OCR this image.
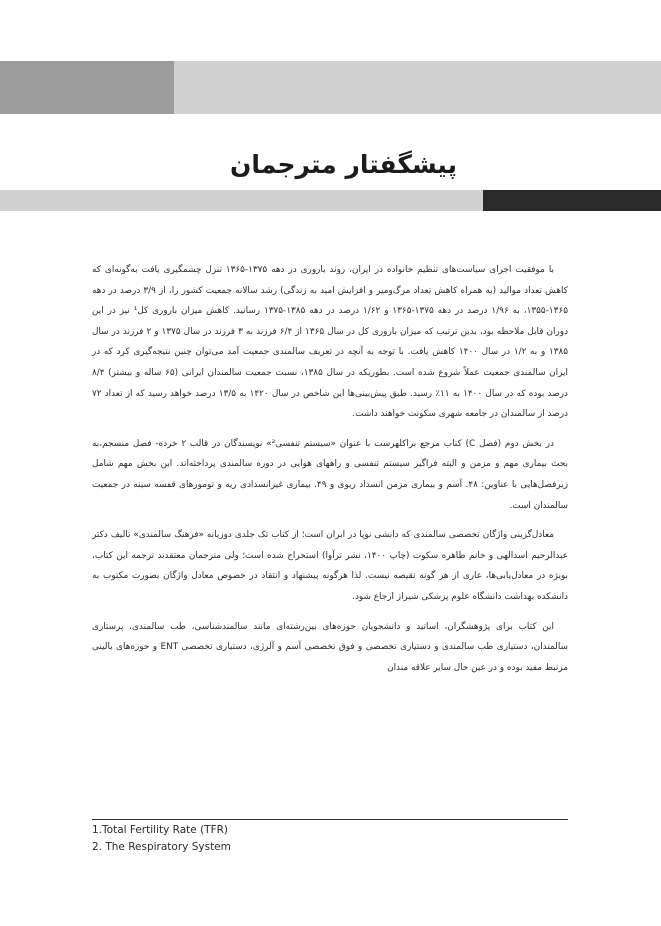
پیشگفتار مترجمان

با موفقیت اجرای سیاست‌های تنظیم خانواده در ایران، روند باروری در دهه ۱۳۷۵-۱۳۶۵ تنزل چشمگیری یافت به‌گونه‌ای که کاهش تعداد موالید (به همراه کاهش تعداد مرگ‌ومیر و افزایش امید به زندگی) رشد سالانه جمعیت کشور را، از ۳/۹ درصد در دهه ۱۳۶۵-۱۳۵۵، به ۱/۹۶ درصد در دهه ۱۳۷۵-۱۳۶۵ و ۱/۶۲ درصد در دهه ۱۳۸۵-۱۳۷۵ رسانید. کاهش میزان باروری کل¹ نیز در این دوران قابل ملاحظه بود، بدین ترتیب که میزان باروری کل در سال ۱۳۶۵ از ۶/۴ فرزند به ۳ فرزند در سال ۱۳۷۵ و ۲ فرزند در سال ۱۳۸۵ و به ۱/۲ در سال ۱۴۰۰ کاهش یافت. با توجه به آنچه در تعریف سالمندی جمعیت آمد می‌توان چنین نتیجه‌گیری کرد که در ایران سالمندی جمعیت عملاً شروع شده است. بطوریکه در سال ۱۳۸۵، نسبت جمعیت سالمندان ایرانی (۶۵ ساله و بیشتر) ۸/۴ درصد بوده که در سال ۱۴۰۰ به ۱۱٪ رسید. طبق پیش‌بینی‌ها این شاخص در سال ۱۴۲۰ به ۱۳/۵ درصد خواهد رسید که از تعداد ۷۲ درصد از سالمندان در جامعه شهری سکونت خواهند داشت.

در بخش دوم (فصل C) کتاب مرجع براکلهرست با عنوان «سیستم تنفسی²» نویسندگان در قالب ۲ خرده- فصل منسجم،به بحث بیماری مهم و مزمن و البته فراگیر سیستم تنفسی و راههای هوایی در دوره سالمندی پرداخته‌اند. این بخش مهم شامل زیرفصل‌هایی با عناوین: ۴۸. آسم و بیماری مزمن انسداد ریوی و ۴۹. بیماری غیرانسدادی ریه و تومورهای قفسه سینه در جمعیت سالمندان است.

معادل‌گزینی واژگان تخصصی سالمندی که دانشی نوپا در ایران است؛ از کتاب تک جلدی دوزبانه «فرهنگ سالمندی» تالیف دکتر عبدالرحیم اسدالهی و خانم طاهره سکوت (چاپ ۱۴۰۰، نشر ترآوا) استخراج شده است؛ ولی مترجمان معتقدند ترجمه این کتاب، بویژه در معادل‌یابی‌ها، عاری از هر گونه نقیصه نیست. لذا هرگونه پیشنهاد و انتقاد در خصوص معادل واژگان بصورت مکتوب به دانشکده بهداشت دانشگاه علوم پزشکی شیراز ارجاع شود.

این کتاب برای پژوهشگران، اساتید و دانشجویان حوزه‌های بین‌رشته‌ای مانند سالمندشناسی، طب سالمندی، پرستاری سالمندان، دستیاری طب سالمندی و دستیاری تخصصی و فوق تخصصی آسم و آلرژی، دستیاری تخصصی ENT و حوزه‌های بالینی مرتبط مفید بوده و در عین حال سایر علاقه مندان

1.Total Fertility Rate (TFR)
2. The Respiratory System
